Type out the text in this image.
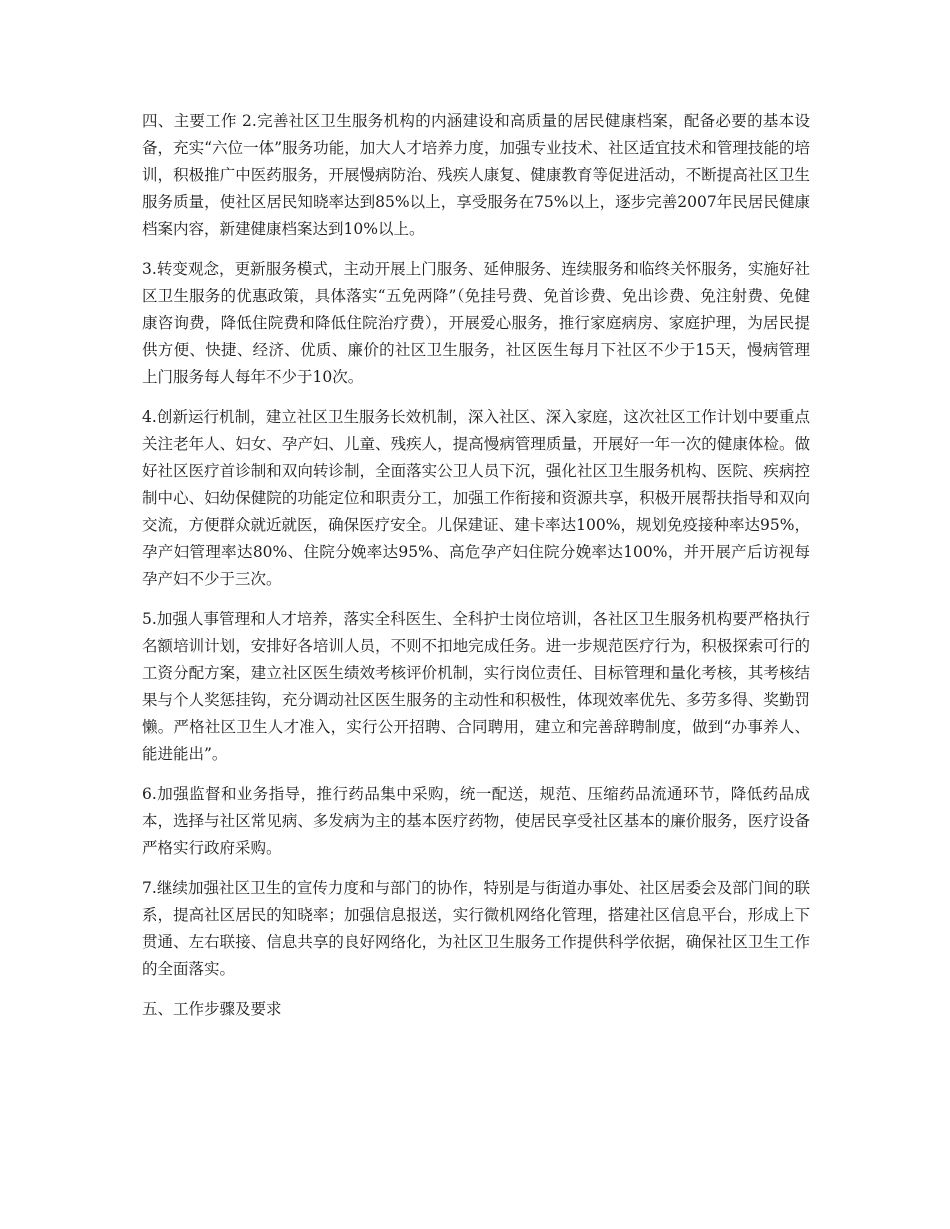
四、主要工作 2.完善社区卫生服务机构的内涵建设和高质量的居民健康档案，配备必要的基本设备，充实“六位一体”服务功能，加大人才培养力度，加强专业技术、社区适宜技术和管理技能的培训，积极推广中医药服务，开展慢病防治、残疾人康复、健康教育等促进活动，不断提高社区卫生服务质量，使社区居民知晓率达到85%以上，享受服务在75%以上，逐步完善2007年民居民健康档案内容，新建健康档案达到10%以上。

3.转变观念，更新服务模式，主动开展上门服务、延伸服务、连续服务和临终关怀服务，实施好社区卫生服务的优惠政策，具体落实“五免两降”（免挂号费、免首诊费、免出诊费、免注射费、免健康咨询费，降低住院费和降低住院治疗费），开展爱心服务，推行家庭病房、家庭护理，为居民提供方便、快捷、经济、优质、廉价的社区卫生服务，社区医生每月下社区不少于15天，慢病管理上门服务每人每年不少于10次。

4.创新运行机制，建立社区卫生服务长效机制，深入社区、深入家庭，这次社区工作计划中要重点关注老年人、妇女、孕产妇、儿童、残疾人，提高慢病管理质量，开展好一年一次的健康体检。做好社区医疗首诊制和双向转诊制，全面落实公卫人员下沉，强化社区卫生服务机构、医院、疾病控制中心、妇幼保健院的功能定位和职责分工，加强工作衔接和资源共享，积极开展帮扶指导和双向交流，方便群众就近就医，确保医疗安全。儿保建证、建卡率达100%，规划免疫接种率达95%，孕产妇管理率达80%、住院分娩率达95%、高危孕产妇住院分娩率达100%，并开展产后访视每孕产妇不少于三次。

5.加强人事管理和人才培养，落实全科医生、全科护士岗位培训，各社区卫生服务机构要严格执行名额培训计划，安排好各培训人员，不则不扣地完成任务。进一步规范医疗行为，积极探索可行的工资分配方案，建立社区医生绩效考核评价机制，实行岗位责任、目标管理和量化考核，其考核结果与个人奖惩挂钩，充分调动社区医生服务的主动性和积极性，体现效率优先、多劳多得、奖勤罚懒。严格社区卫生人才准入，实行公开招聘、合同聘用，建立和完善辞聘制度，做到“办事养人、能进能出”。

6.加强监督和业务指导，推行药品集中采购，统一配送，规范、压缩药品流通环节，降低药品成本，选择与社区常见病、多发病为主的基本医疗药物，使居民享受社区基本的廉价服务，医疗设备严格实行政府采购。

7.继续加强社区卫生的宣传力度和与部门的协作，特别是与街道办事处、社区居委会及部门间的联系，提高社区居民的知晓率；加强信息报送，实行微机网络化管理，搭建社区信息平台，形成上下贯通、左右联接、信息共享的良好网络化，为社区卫生服务工作提供科学依据，确保社区卫生工作的全面落实。

五、工作步骤及要求
